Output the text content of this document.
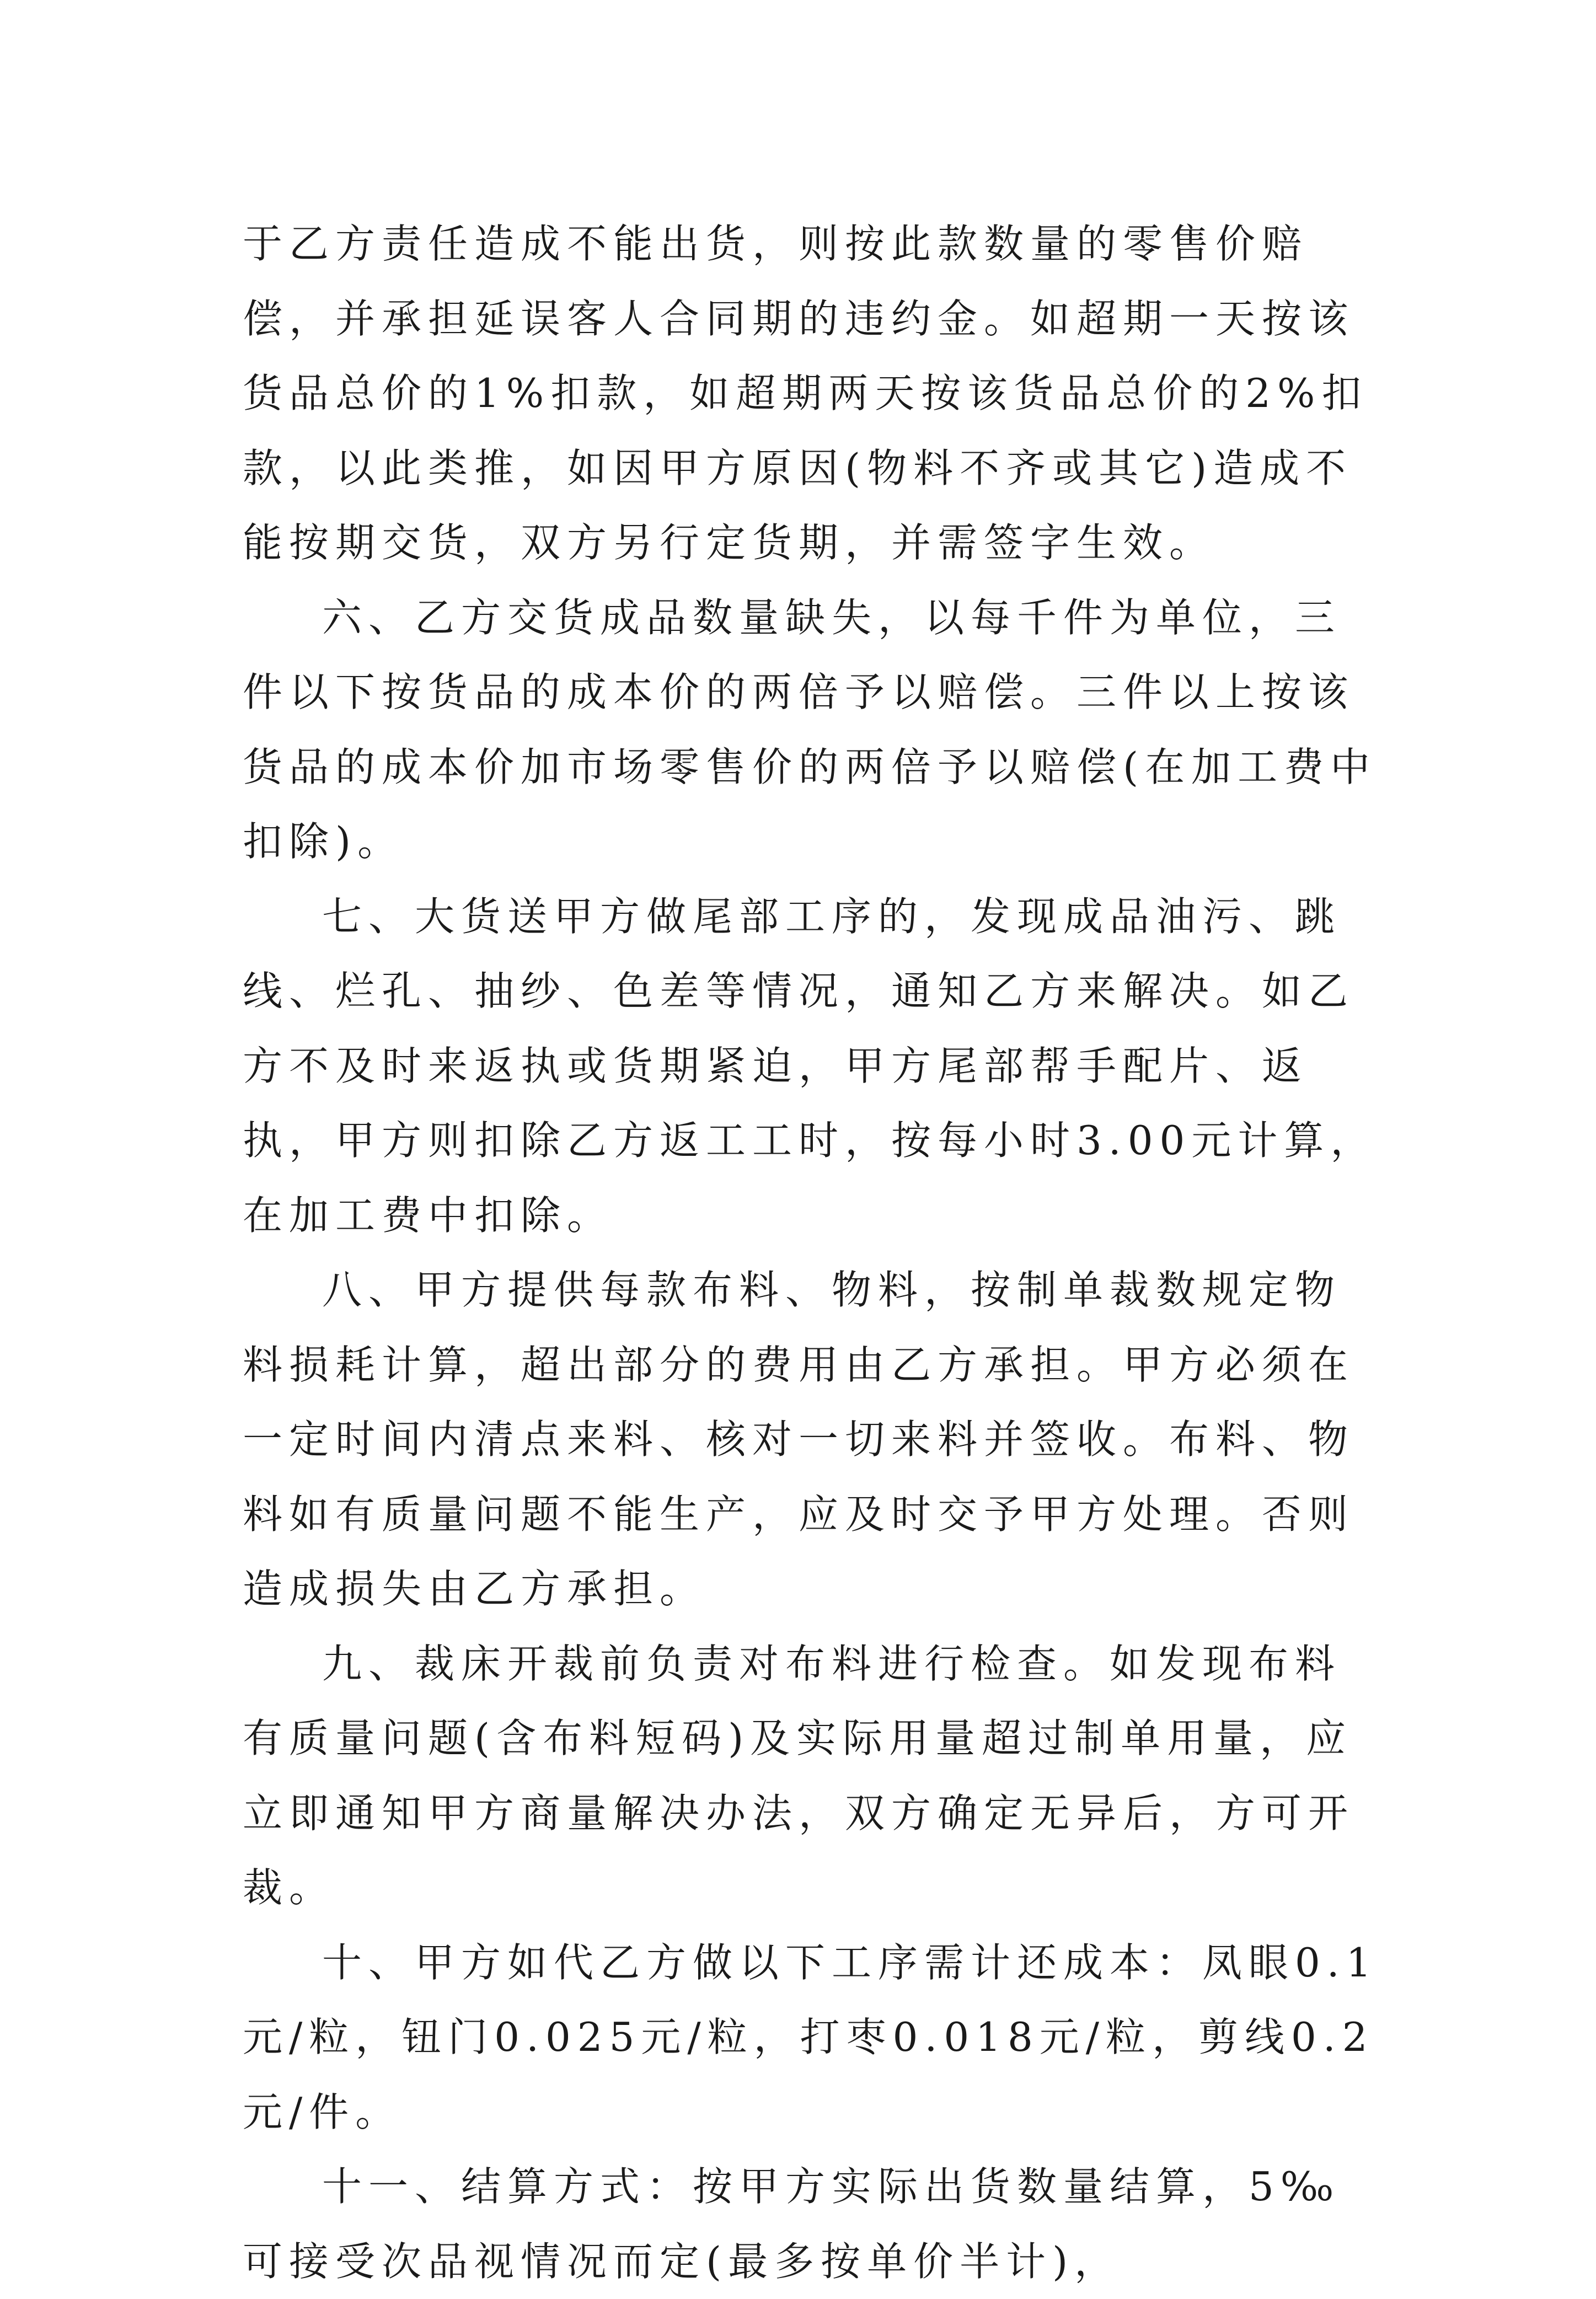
于乙方责任造成不能出货，则按此款数量的零售价赔偿，并承担延误客人合同期的违约金。如超期一天按该货品总价的1%扣款，如超期两天按该货品总价的2%扣款，以此类推，如因甲方原因(物料不齐或其它)造成不能按期交货，双方另行定货期，并需签字生效。

六、乙方交货成品数量缺失，以每千件为单位，三件以下按货品的成本价的两倍予以赔偿。三件以上按该货品的成本价加市场零售价的两倍予以赔偿(在加工费中扣除)。

七、大货送甲方做尾部工序的，发现成品油污、跳线、烂孔、抽纱、色差等情况，通知乙方来解决。如乙方不及时来返执或货期紧迫，甲方尾部帮手配片、返执，甲方则扣除乙方返工工时，按每小时3.00元计算，在加工费中扣除。

八、甲方提供每款布料、物料，按制单裁数规定物料损耗计算，超出部分的费用由乙方承担。甲方必须在一定时间内清点来料、核对一切来料并签收。布料、物料如有质量问题不能生产，应及时交予甲方处理。否则造成损失由乙方承担。

九、裁床开裁前负责对布料进行检查。如发现布料有质量问题(含布料短码)及实际用量超过制单用量，应立即通知甲方商量解决办法，双方确定无异后，方可开裁。

十、甲方如代乙方做以下工序需计还成本：凤眼0.1元/粒，钮门0.025元/粒，打枣0.018元/粒，剪线0.2元/件。

十一、结算方式：按甲方实际出货数量结算，5‰可接受次品视情况而定(最多按单价半计)，
